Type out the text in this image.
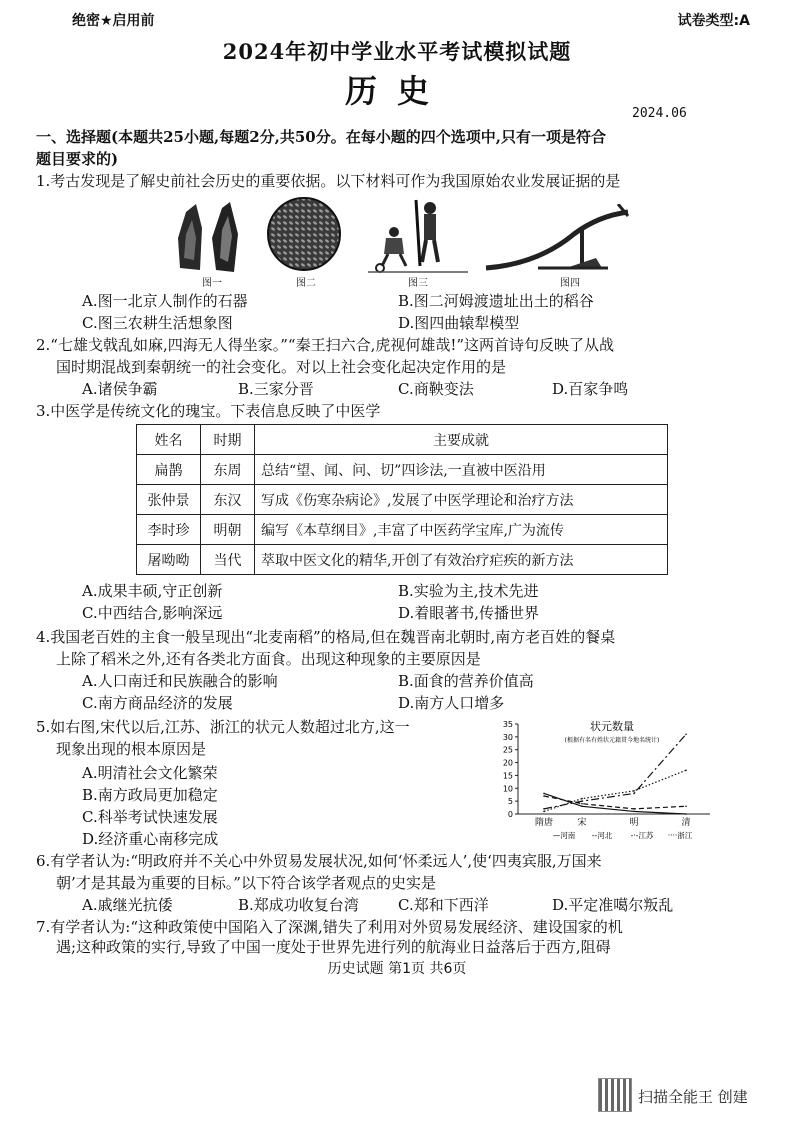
绝密★启用前	试卷类型:A
2024年初中学业水平考试模拟试题
历史
2024.06
一、选择题(本题共25小题,每题2分,共50分。在每小题的四个选项中,只有一项是符合
题目要求的)
1.考古发现是了解史前社会历史的重要依据。以下材料可作为我国原始农业发展证据的是
图一	图二	图三	图四
A.图一北京人制作的石器	B.图二河姆渡遗址出土的稻谷
C.图三农耕生活想象图	D.图四曲辕犁模型
2.“七雄戈戟乱如麻,四海无人得坐家。”“秦王扫六合,虎视何雄哉!”这两首诗句反映了从战
国时期混战到秦朝统一的社会变化。对以上社会变化起决定作用的是
A.诸侯争霸	B.三家分晋	C.商鞅变法	D.百家争鸣
3.中医学是传统文化的瑰宝。下表信息反映了中医学
姓名	时期	主要成就
扁鹊	东周	总结“望、闻、问、切”四诊法,一直被中医沿用
张仲景	东汉	写成《伤寒杂病论》,发展了中医学理论和治疗方法
李时珍	明朝	编写《本草纲目》,丰富了中医药学宝库,广为流传
屠呦呦	当代	萃取中医文化的精华,开创了有效治疗疟疾的新方法
A.成果丰硕,守正创新	B.实验为主,技术先进
C.中西结合,影响深远	D.着眼著书,传播世界
4.我国老百姓的主食一般呈现出“北麦南稻”的格局,但在魏晋南北朝时,南方老百姓的餐桌
上除了稻米之外,还有各类北方面食。出现这种现象的主要原因是
A.人口南迁和民族融合的影响	B.面食的营养价值高
C.南方商品经济的发展	D.南方人口增多
5.如右图,宋代以后,江苏、浙江的状元人数超过北方,这一
现象出现的根本原因是
A.明清社会文化繁荣
B.南方政局更加稳定
C.科举考试快速发展
D.经济重心南移完成
状元数量
(根据有名有姓状元籍贯今地名统计)
0
5
10
15
20
25
30
35
隋唐	宋	明	清
—河南 --河北 -·-江苏 ····浙江
6.有学者认为:“明政府并不关心中外贸易发展状况,如何‘怀柔远人’,使‘四夷宾服,万国来
朝’才是其最为重要的目标。”以下符合该学者观点的史实是
A.戚继光抗倭	B.郑成功收复台湾	C.郑和下西洋	D.平定准噶尔叛乱
7.有学者认为:“这种政策使中国陷入了深渊,错失了利用对外贸易发展经济、建设国家的机
遇;这种政策的实行,导致了中国一度处于世界先进行列的航海业日益落后于西方,阻碍
历史试题 第1页 共6页
扫描全能王 创建
